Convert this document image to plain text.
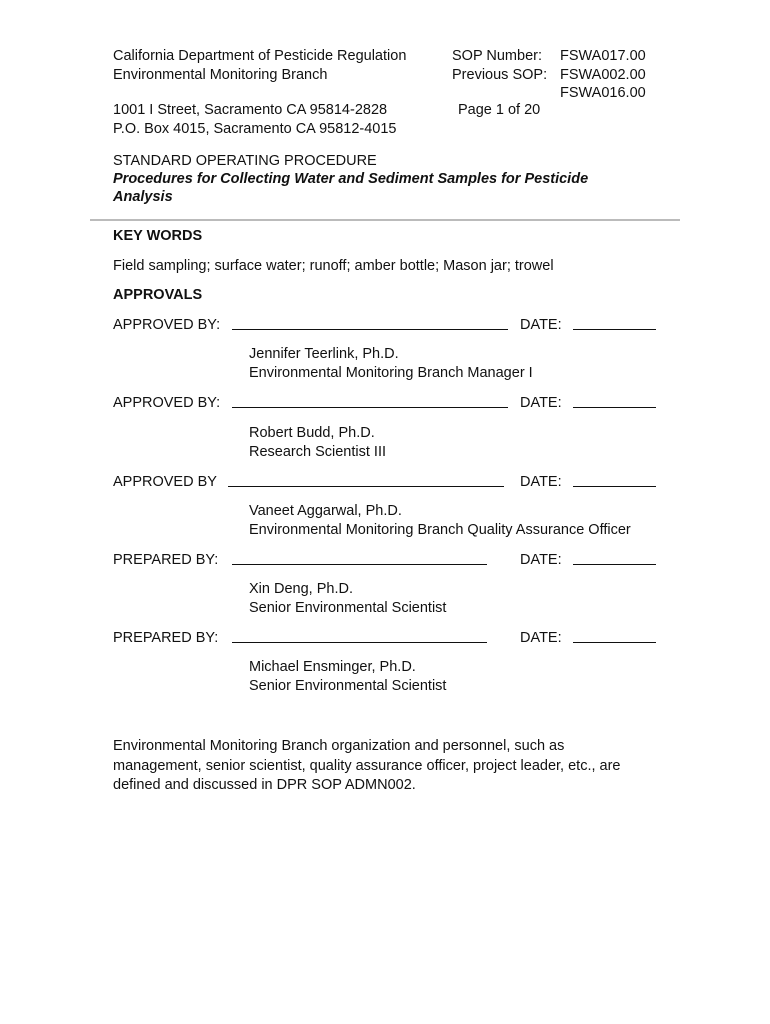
California Department of Pesticide Regulation
Environmental Monitoring Branch
1001 I Street, Sacramento CA 95814-2828
P.O. Box 4015, Sacramento CA 95812-4015
SOP Number: FSWA017.00
Previous SOP: FSWA002.00
FSWA016.00
Page 1 of 20
STANDARD OPERATING PROCEDURE
Procedures for Collecting Water and Sediment Samples for Pesticide
Analysis
KEY WORDS
Field sampling; surface water; runoff; amber bottle; Mason jar; trowel
APPROVALS
APPROVED BY:	DATE:
Jennifer Teerlink, Ph.D.
Environmental Monitoring Branch Manager I
APPROVED BY:	DATE:
Robert Budd, Ph.D.
Research Scientist III
APPROVED BY	DATE:
Vaneet Aggarwal, Ph.D.
Environmental Monitoring Branch Quality Assurance Officer
PREPARED BY:	DATE:
Xin Deng, Ph.D.
Senior Environmental Scientist
PREPARED BY:	DATE:
Michael Ensminger, Ph.D.
Senior Environmental Scientist
Environmental Monitoring Branch organization and personnel, such as
management, senior scientist, quality assurance officer, project leader, etc., are
defined and discussed in DPR SOP ADMN002.
